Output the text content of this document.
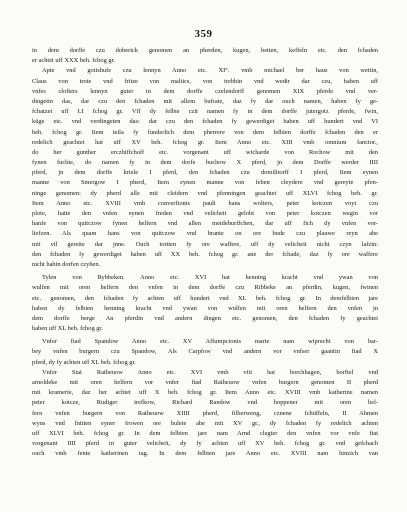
359
in dem dorffe czu doberick genomen an pherden, kugen, betten, keffeln etc. den fchaden
er achtet uff XXX beh. fchog gr.
Apte vnd gotishufe czu lennyn Anno etc. XI°. vmb michael ber haus von wettin,
Claus von trote vnd fritze von maltics, von trebbin vnd wedir dar czu, haben uff
vnfes clofters lennyn guter in dem dorffe czelendorff genomen XIX pferde vnd ver-
dingetin das, dar czu den fchaden mit allem bufrate, daz fy dar ouch namen, haben fy ge-
fchatzet uff LI fchog gr. Vff dy felbie czit namen fy in dem dorffe jutergotz pferde, fwin,
küge etc. vnd verdingeten das: dar czu den fchaden fy gewerdiget haben uff hundert vnd VI
beh. fchog gr. Item teila fy funderlich dem pherrere von dem felbien dorffe fchaden den er
redelich geachtet hat uff XV beh. fchog gr. Item Anno etc. XIII vmb omnium fanctor.,
do her gunther erczbiffchoff etc. vorgenant uff wicharde von Rochow mit den
fynen fuchte, do namen fy in dem dorfe buchow X pferd, jn dem Dorffe werder IIII
pferd, jn dem dorffe kriele I pferd, den fchaden czu domilitorff I pferd, Item eynen
manne von Smergow I pherd, Item eynen manne von feben cleydere vnd gereyte pfen-
ninge genomen: dy pherd alle mit cleidern vnd pfenningen geachtet uff XLVI fchog beh. gr.
Item Anno etc. XVIII vmb converfionis pauli hans wolters, peter kotczen voyt czu
plote, hatte den vnfen eynen freden vnd velicheit gelobt von peter kotczen wegin vor
hanfe von quitczow fynen helfern vnd allen meideburffchen, dar uff fich dy vnfen vor-
liefzen. Als quam hans von quitczow vnd brante on ore bude czu plauwe reyn abe
mit vil gerette dar jnne. Ouch tortten fy ore waffere, uff dy velicheit nicht czyn lafzin:
den fchaden fy gewerdiget haben uff XX beh. fchog gr. ane der fchade, daz fy ore waffere
nicht habin dorfen czyhen.
Tylen von Rybbeken. Anno etc. XVI hat henning kracht vnd ywan von
wulfen mit oren helfern den vnfen in dem dorffe czu Ribbeke an pferdin, kugen, fwinen
etc. genomen, den fchaden fy achten uff hundert vnd XL beh. fchog gr. In demfelbien jare
haben dy felbien henning kracht vnd ywan von wulfen mit oren helfern den vnfen jn
dem dorffe berge An pferdin vnd andern dingen etc. genomen, den fchaden fy geachtet
haben uff XL beh. fchog gr.
Vnfer ftad Spandow Anno etc. XV Affumpcionis marie nam wiprecht von bar-
bey vnfen burgern czu Spandow, Als Carpfow vnd andern vor vnfser gaantin ftad X
pferd, dy fy achten uff XL beh. fchog gr.
Vnfer Stat Ratheuow Anno etc. XVI vmb viti hat borchhagen, borftel vnd
arnoldeke mit oren helfern vor vnfer ftad Ratheuow vnfen burgern genomen II pherd
mit kramerie, daz her achtet uff X beh. fchog gr. Item Anno etc. XVIII vmb katherine namen
peter kotcze, Rudiger trefkow, Richard Randow vnd hoppener mit oren hel-
fern vnfen burgern von Ratheuow XIIII pherd, filberweng, cznene fchüffeln, II Ahmen
wyns vnd fnitten eyner frowen ore bulete abe mit XV gr., dy fchaden fy redelich achten
uff XLVI beh. fchog gr. In dem felbien jare nam Arnd clegter den vnfen vor vnfe ftat
vorgenant IIII pferd in guter velicheit, dy fy achten uff XV beh. fchog gr. vnd gefchach
ouch vmb fente katherinen tag. In dem felbien jare Anno etc. XVIII nam hinzich van
